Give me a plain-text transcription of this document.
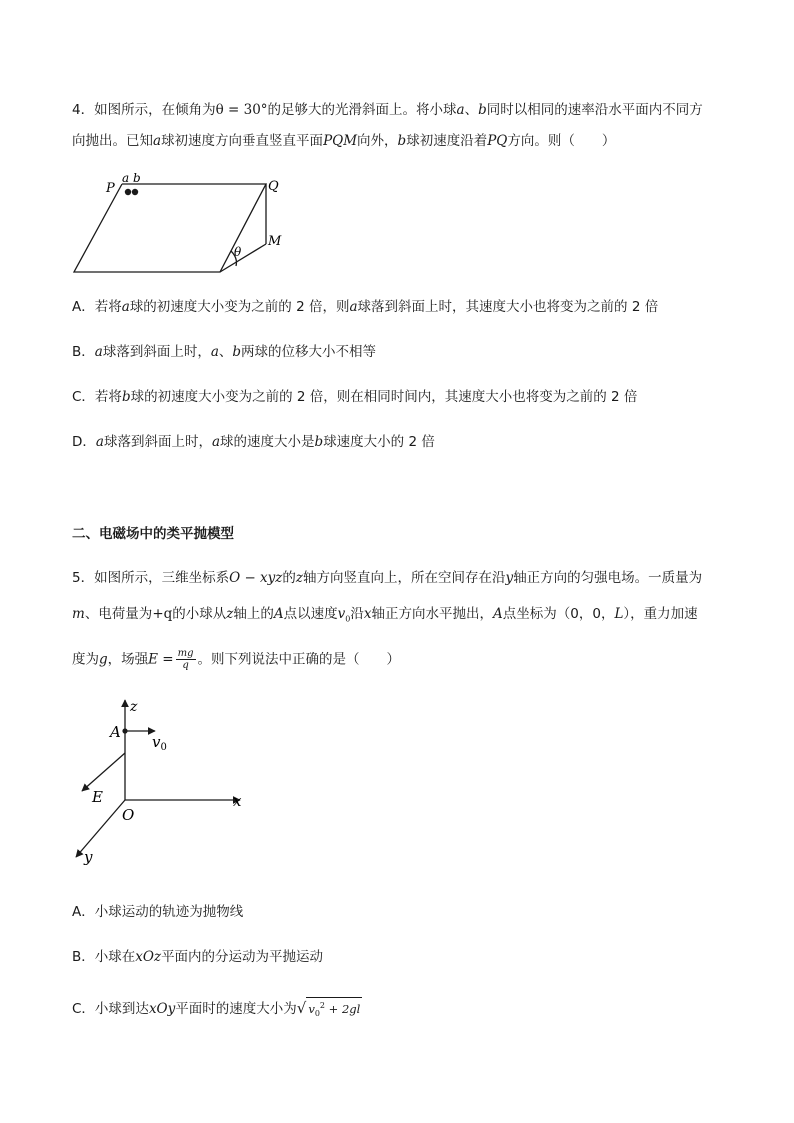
4．如图所示，在倾角为θ = 30°的足够大的光滑斜面上。将小球a、b同时以相同的速率沿水平面内不同方
向抛出。已知a球初速度方向垂直竖直平面PQM向外，b球初速度沿着PQ方向。则（　　）
P
a b
Q
M
θ
A．若将a球的初速度大小变为之前的 2 倍，则a球落到斜面上时，其速度大小也将变为之前的 2 倍
B．a球落到斜面上时，a、b两球的位移大小不相等
C．若将b球的初速度大小变为之前的 2 倍，则在相同时间内，其速度大小也将变为之前的 2 倍
D．a球落到斜面上时，a球的速度大小是b球速度大小的 2 倍
二、电磁场中的类平抛模型
5．如图所示，三维坐标系O − xyz的z轴方向竖直向上，所在空间存在沿y轴正方向的匀强电场。一质量为
m、电荷量为+q的小球从z轴上的A点以速度$v_0$沿x轴正方向水平抛出，A点坐标为（0，0，L），重力加速
度为g，场强$E = \frac{mg}{q}$ 。则下列说法中正确的是（　　）
z
A
$v_0$
E
O
x
y
A．小球运动的轨迹为抛物线
B．小球在xOz平面内的分运动为平抛运动
C．小球到达xOy平面时的速度大小为√ $v_0^2 + 2gl$
